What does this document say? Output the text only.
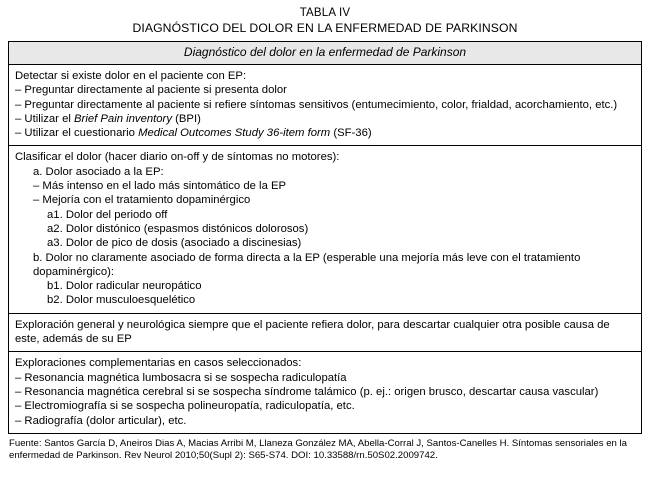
TABLA IV
DIAGNÓSTICO DEL DOLOR EN LA ENFERMEDAD DE PARKINSON
Diagnóstico del dolor en la enfermedad de Parkinson
Detectar si existe dolor en el paciente con EP:
– Preguntar directamente al paciente si presenta dolor
– Preguntar directamente al paciente si refiere síntomas sensitivos (entumecimiento, color, frialdad, acorchamiento, etc.)
– Utilizar el Brief Pain inventory (BPI)
– Utilizar el cuestionario Medical Outcomes Study 36-item form (SF-36)
Clasificar el dolor (hacer diario on-off y de síntomas no motores):
a. Dolor asociado a la EP:
– Más intenso en el lado más sintomático de la EP
– Mejoría con el tratamiento dopaminérgico
a1. Dolor del periodo off
a2. Dolor distónico (espasmos distónicos dolorosos)
a3. Dolor de pico de dosis (asociado a discinesias)
b. Dolor no claramente asociado de forma directa a la EP (esperable una mejoría más leve con el tratamiento dopaminérgico):
b1. Dolor radicular neuropático
b2. Dolor musculoesquelético
Exploración general y neurológica siempre que el paciente refiera dolor, para descartar cualquier otra posible causa de este, además de su EP
Exploraciones complementarias en casos seleccionados:
– Resonancia magnética lumbosacra si se sospecha radiculopatía
– Resonancia magnética cerebral si se sospecha síndrome talámico (p. ej.: origen brusco, descartar causa vascular)
– Electromiografía si se sospecha polineuropatía, radiculopatía, etc.
– Radiografía (dolor articular), etc.
Fuente: Santos García D, Aneiros Dias A, Macias Arribi M, Llaneza González MA, Abella-Corral J, Santos-Canelles H. Síntomas sensoriales en la enfermedad de Parkinson. Rev Neurol 2010;50(Supl 2): S65-S74. DOI: 10.33588/rn.50S02.2009742.
